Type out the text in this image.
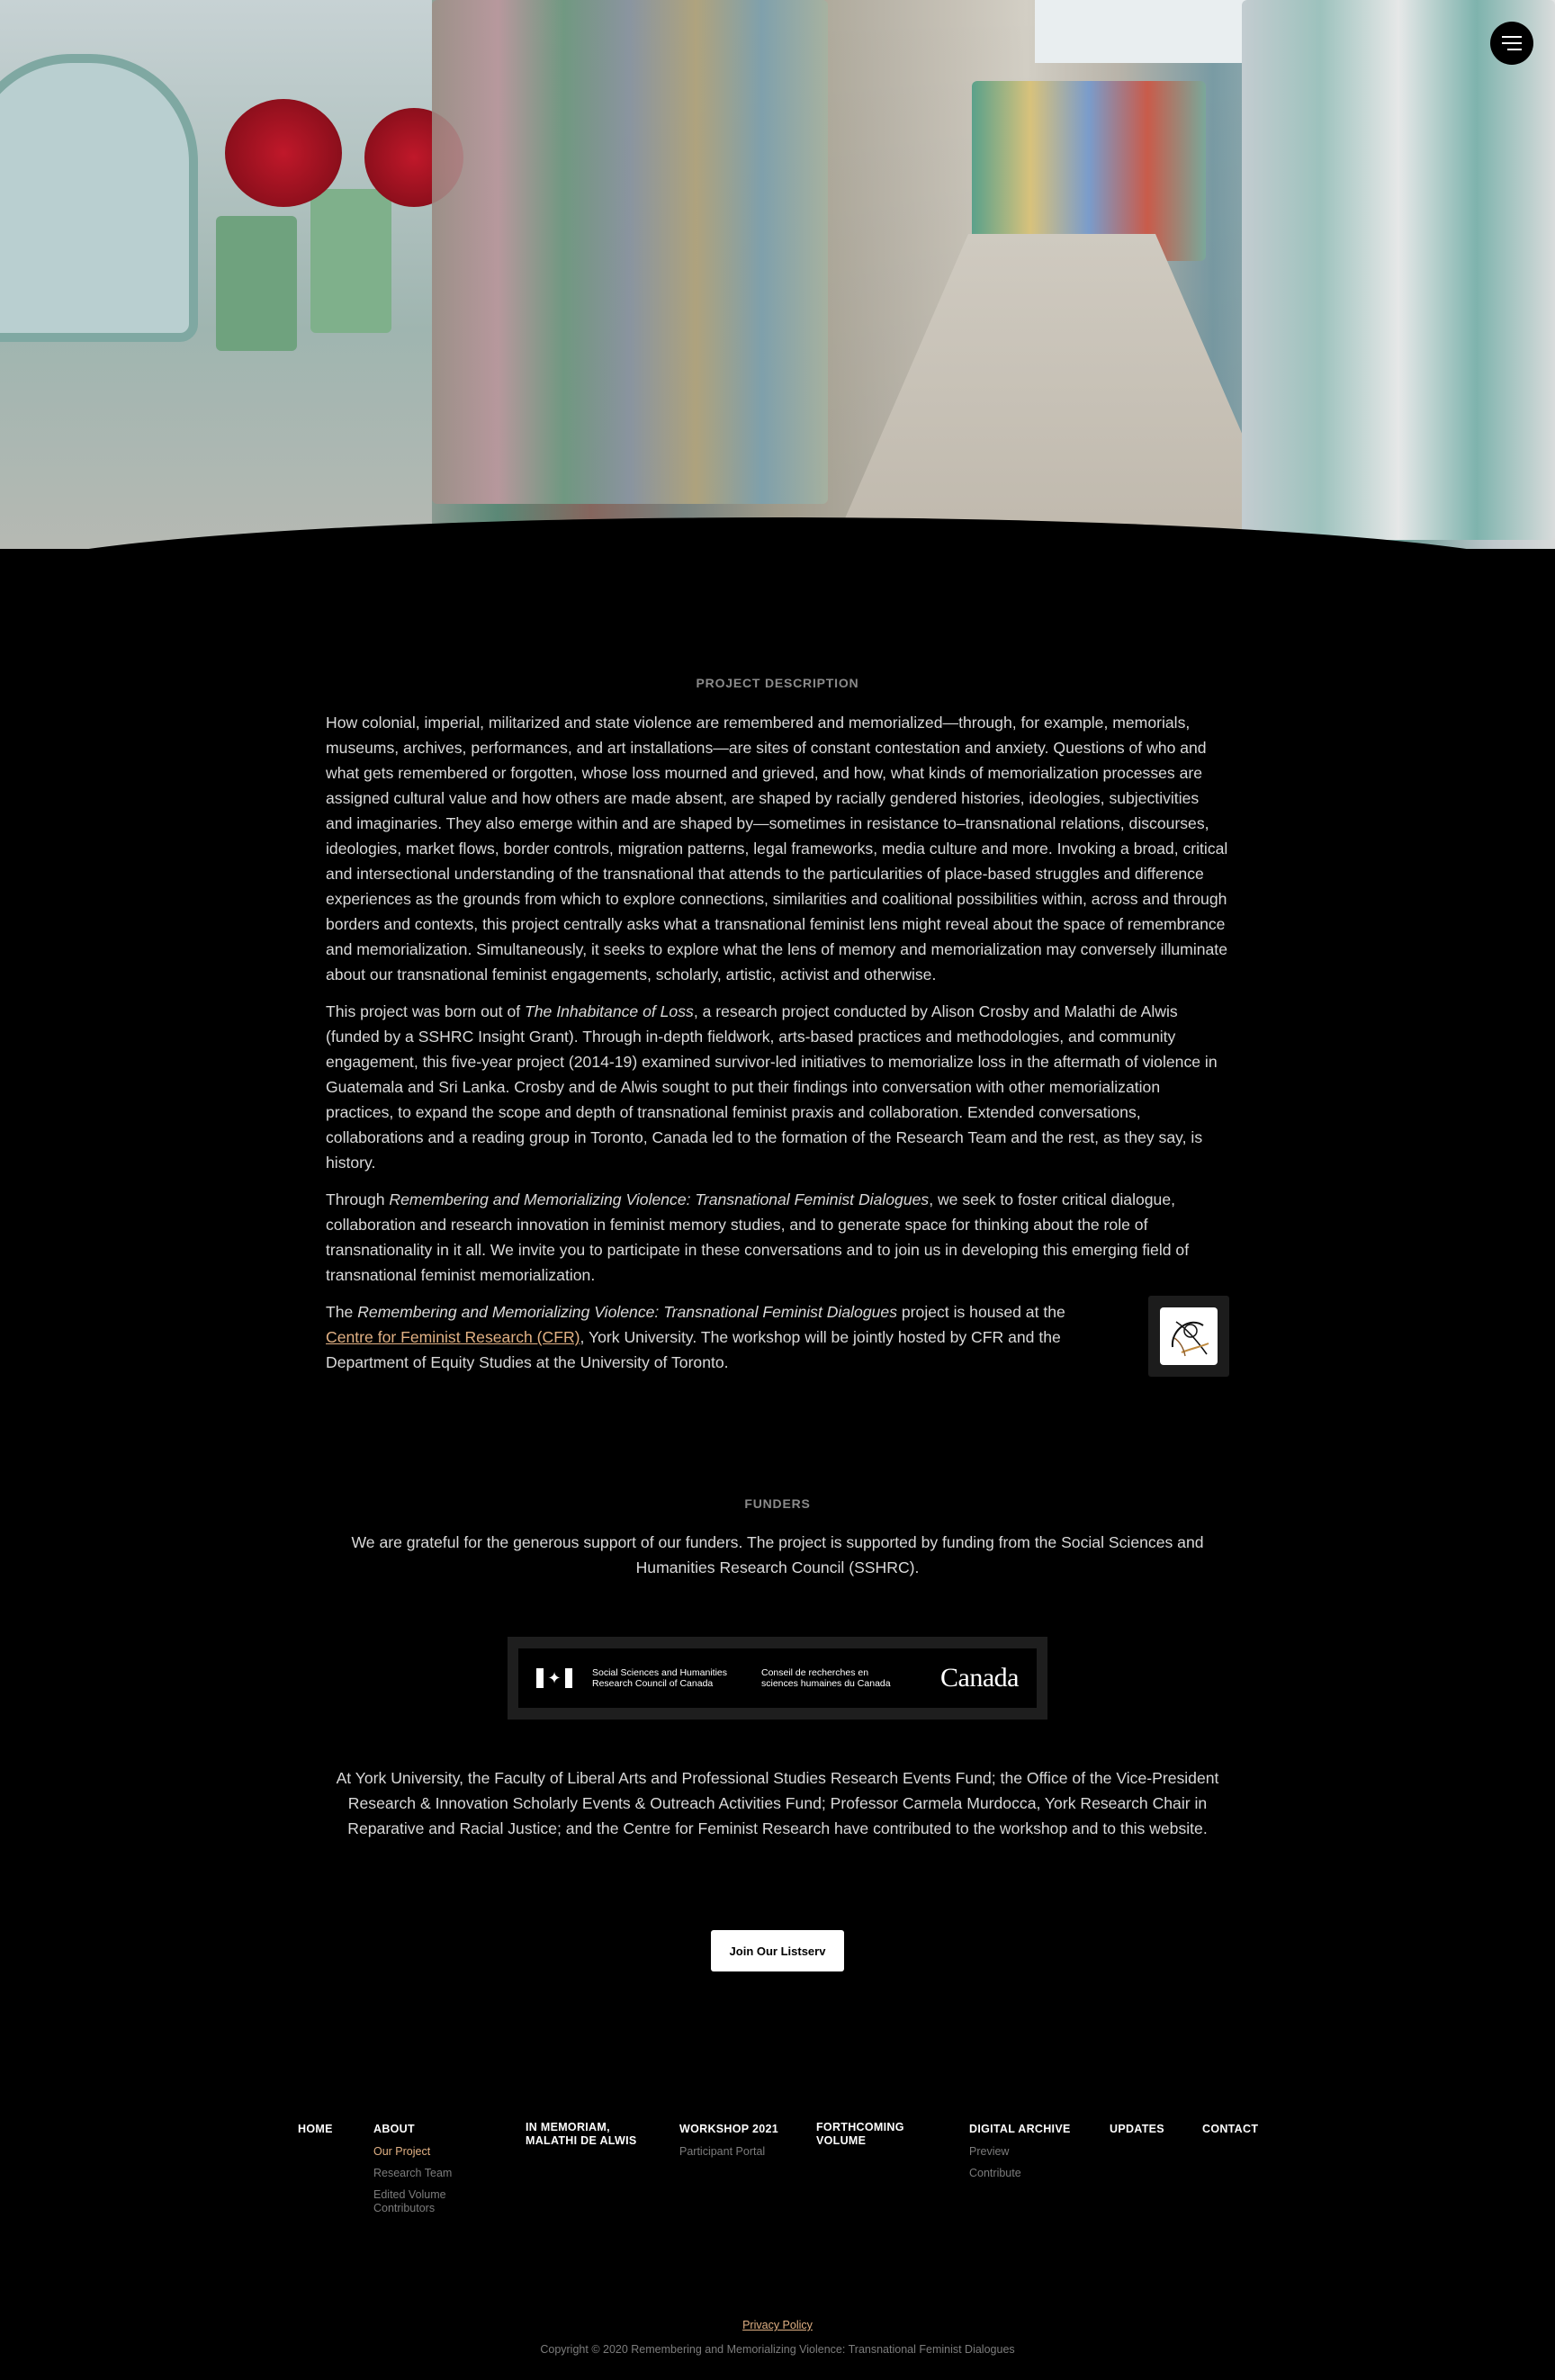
PROJECT DESCRIPTION

How colonial, imperial, militarized and state violence are remembered and memorialized—through, for example, memorials, museums, archives, performances, and art installations—are sites of constant contestation and anxiety. Questions of who and what gets remembered or forgotten, whose loss mourned and grieved, and how, what kinds of memorialization processes are assigned cultural value and how others are made absent, are shaped by racially gendered histories, ideologies, subjectivities and imaginaries. They also emerge within and are shaped by—sometimes in resistance to–transnational relations, discourses, ideologies, market flows, border controls, migration patterns, legal frameworks, media culture and more. Invoking a broad, critical and intersectional understanding of the transnational that attends to the particularities of place-based struggles and difference experiences as the grounds from which to explore connections, similarities and coalitional possibilities within, across and through borders and contexts, this project centrally asks what a transnational feminist lens might reveal about the space of remembrance and memorialization. Simultaneously, it seeks to explore what the lens of memory and memorialization may conversely illuminate about our transnational feminist engagements, scholarly, artistic, activist and otherwise.

This project was born out of The Inhabitance of Loss, a research project conducted by Alison Crosby and Malathi de Alwis (funded by a SSHRC Insight Grant). Through in-depth fieldwork, arts-based practices and methodologies, and community engagement, this five-year project (2014-19) examined survivor-led initiatives to memorialize loss in the aftermath of violence in Guatemala and Sri Lanka. Crosby and de Alwis sought to put their findings into conversation with other memorialization practices, to expand the scope and depth of transnational feminist praxis and collaboration. Extended conversations, collaborations and a reading group in Toronto, Canada led to the formation of the Research Team and the rest, as they say, is history.

Through Remembering and Memorializing Violence: Transnational Feminist Dialogues, we seek to foster critical dialogue, collaboration and research innovation in feminist memory studies, and to generate space for thinking about the role of transnationality in it all. We invite you to participate in these conversations and to join us in developing this emerging field of transnational feminist memorialization.

The Remembering and Memorializing Violence: Transnational Feminist Dialogues project is housed at the Centre for Feminist Research (CFR), York University. The workshop will be jointly hosted by CFR and the Department of Equity Studies at the University of Toronto.

FUNDERS
We are grateful for the generous support of our funders. The project is supported by funding from the Social Sciences and Humanities Research Council (SSHRC).
✦	Social Sciences and Humanities
Research Council of Canada
Conseil de recherches en
sciences humaines du Canada	Canada
At York University, the Faculty of Liberal Arts and Professional Studies Research Events Fund; the Office of the Vice-President Research & Innovation Scholarly Events & Outreach Activities Fund; Professor Carmela Murdocca, York Research Chair in Reparative and Racial Justice; and the Centre for Feminist Research have contributed to the workshop and to this website.
Join Our Listserv
HOME	ABOUT
Our Project
Research Team
Edited Volume
Contributors
IN MEMORIAM,
MALATHI DE ALWIS
WORKSHOP 2021
Participant Portal
FORTHCOMING
VOLUME
DIGITAL ARCHIVE
Preview
Contribute
UPDATES	CONTACT
Privacy Policy
Copyright © 2020 Remembering and Memorializing Violence: Transnational Feminist Dialogues
